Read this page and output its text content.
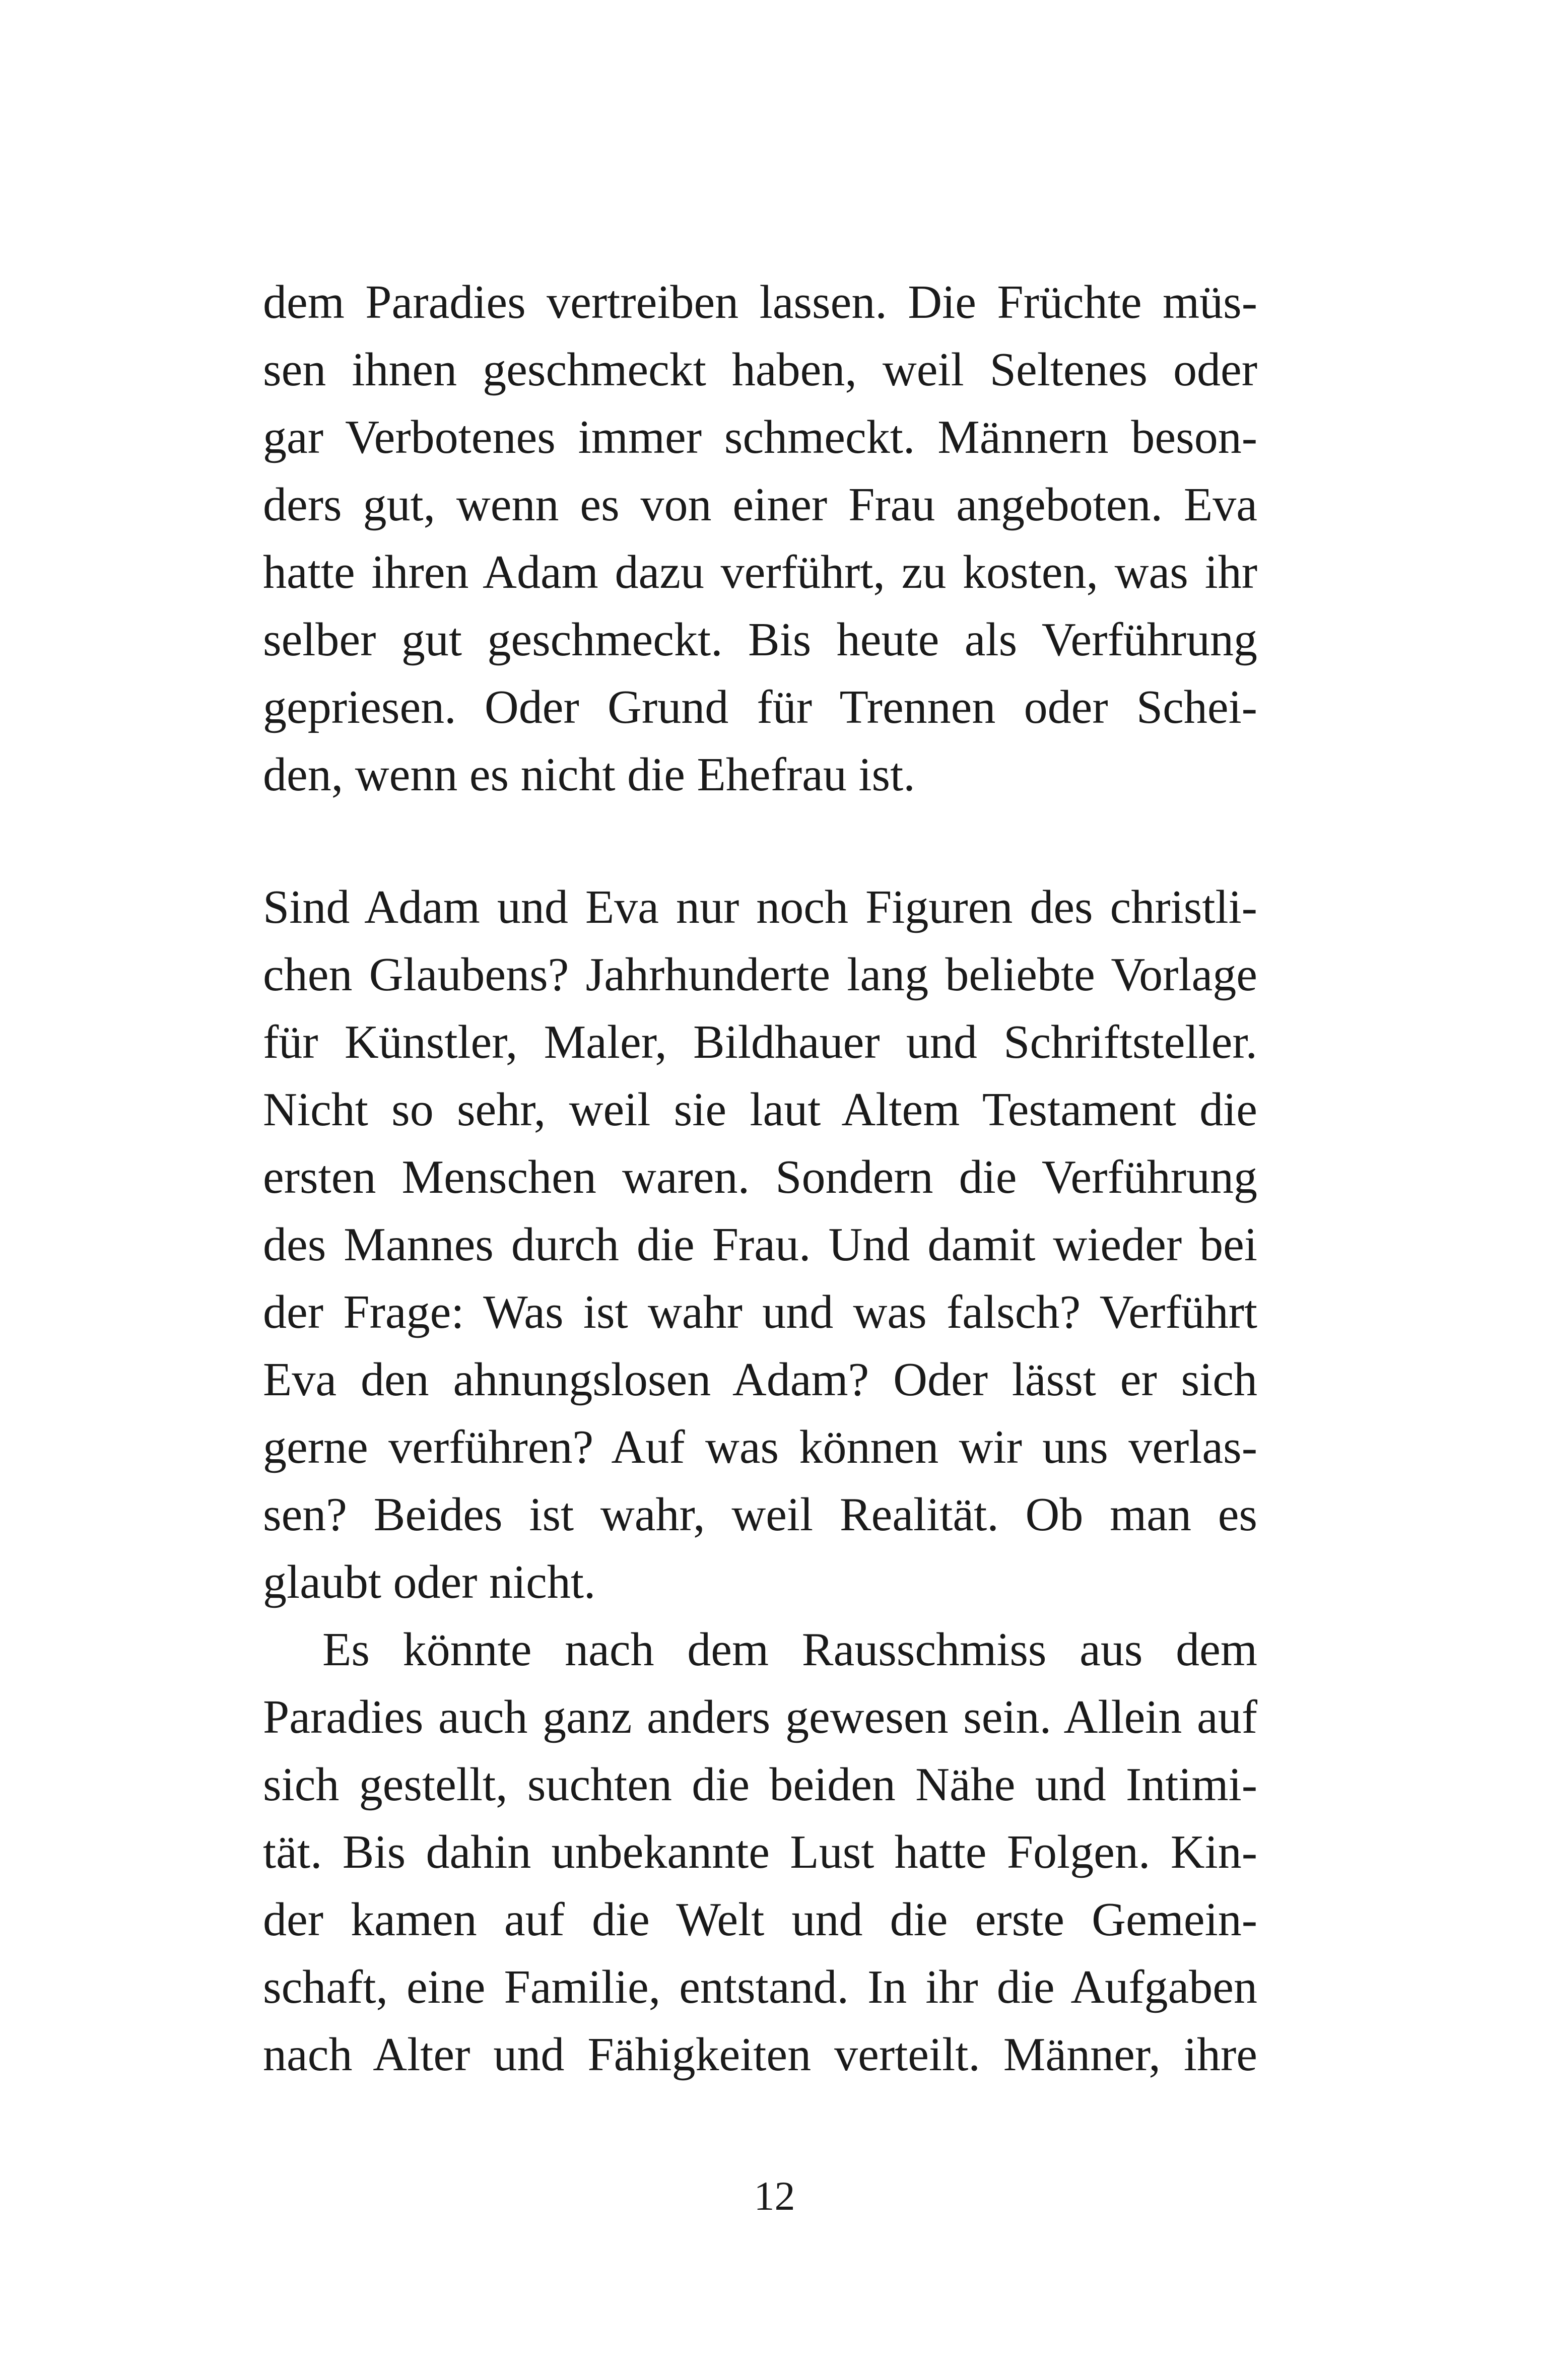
dem Paradies vertreiben lassen. Die Früchte müs-
sen ihnen geschmeckt haben, weil Seltenes oder
gar Verbotenes immer schmeckt. Männern beson-
ders gut, wenn es von einer Frau angeboten. Eva
hatte ihren Adam dazu verführt, zu kosten, was ihr
selber gut geschmeckt. Bis heute als Verführung
gepriesen. Oder Grund für Trennen oder Schei-
den, wenn es nicht die Ehefrau ist.
Sind Adam und Eva nur noch Figuren des christli-
chen Glaubens? Jahrhunderte lang beliebte Vorlage
für Künstler, Maler, Bildhauer und Schriftsteller.
Nicht so sehr, weil sie laut Altem Testament die
ersten Menschen waren. Sondern die Verführung
des Mannes durch die Frau. Und damit wieder bei
der Frage: Was ist wahr und was falsch? Verführt
Eva den ahnungslosen Adam? Oder lässt er sich
gerne verführen? Auf was können wir uns verlas-
sen? Beides ist wahr, weil Realität. Ob man es
glaubt oder nicht.
Es könnte nach dem Rausschmiss aus dem
Paradies auch ganz anders gewesen sein. Allein auf
sich gestellt, suchten die beiden Nähe und Intimi-
tät. Bis dahin unbekannte Lust hatte Folgen. Kin-
der kamen auf die Welt und die erste Gemein-
schaft, eine Familie, entstand. In ihr die Aufgaben
nach Alter und Fähigkeiten verteilt. Männer, ihre
12
